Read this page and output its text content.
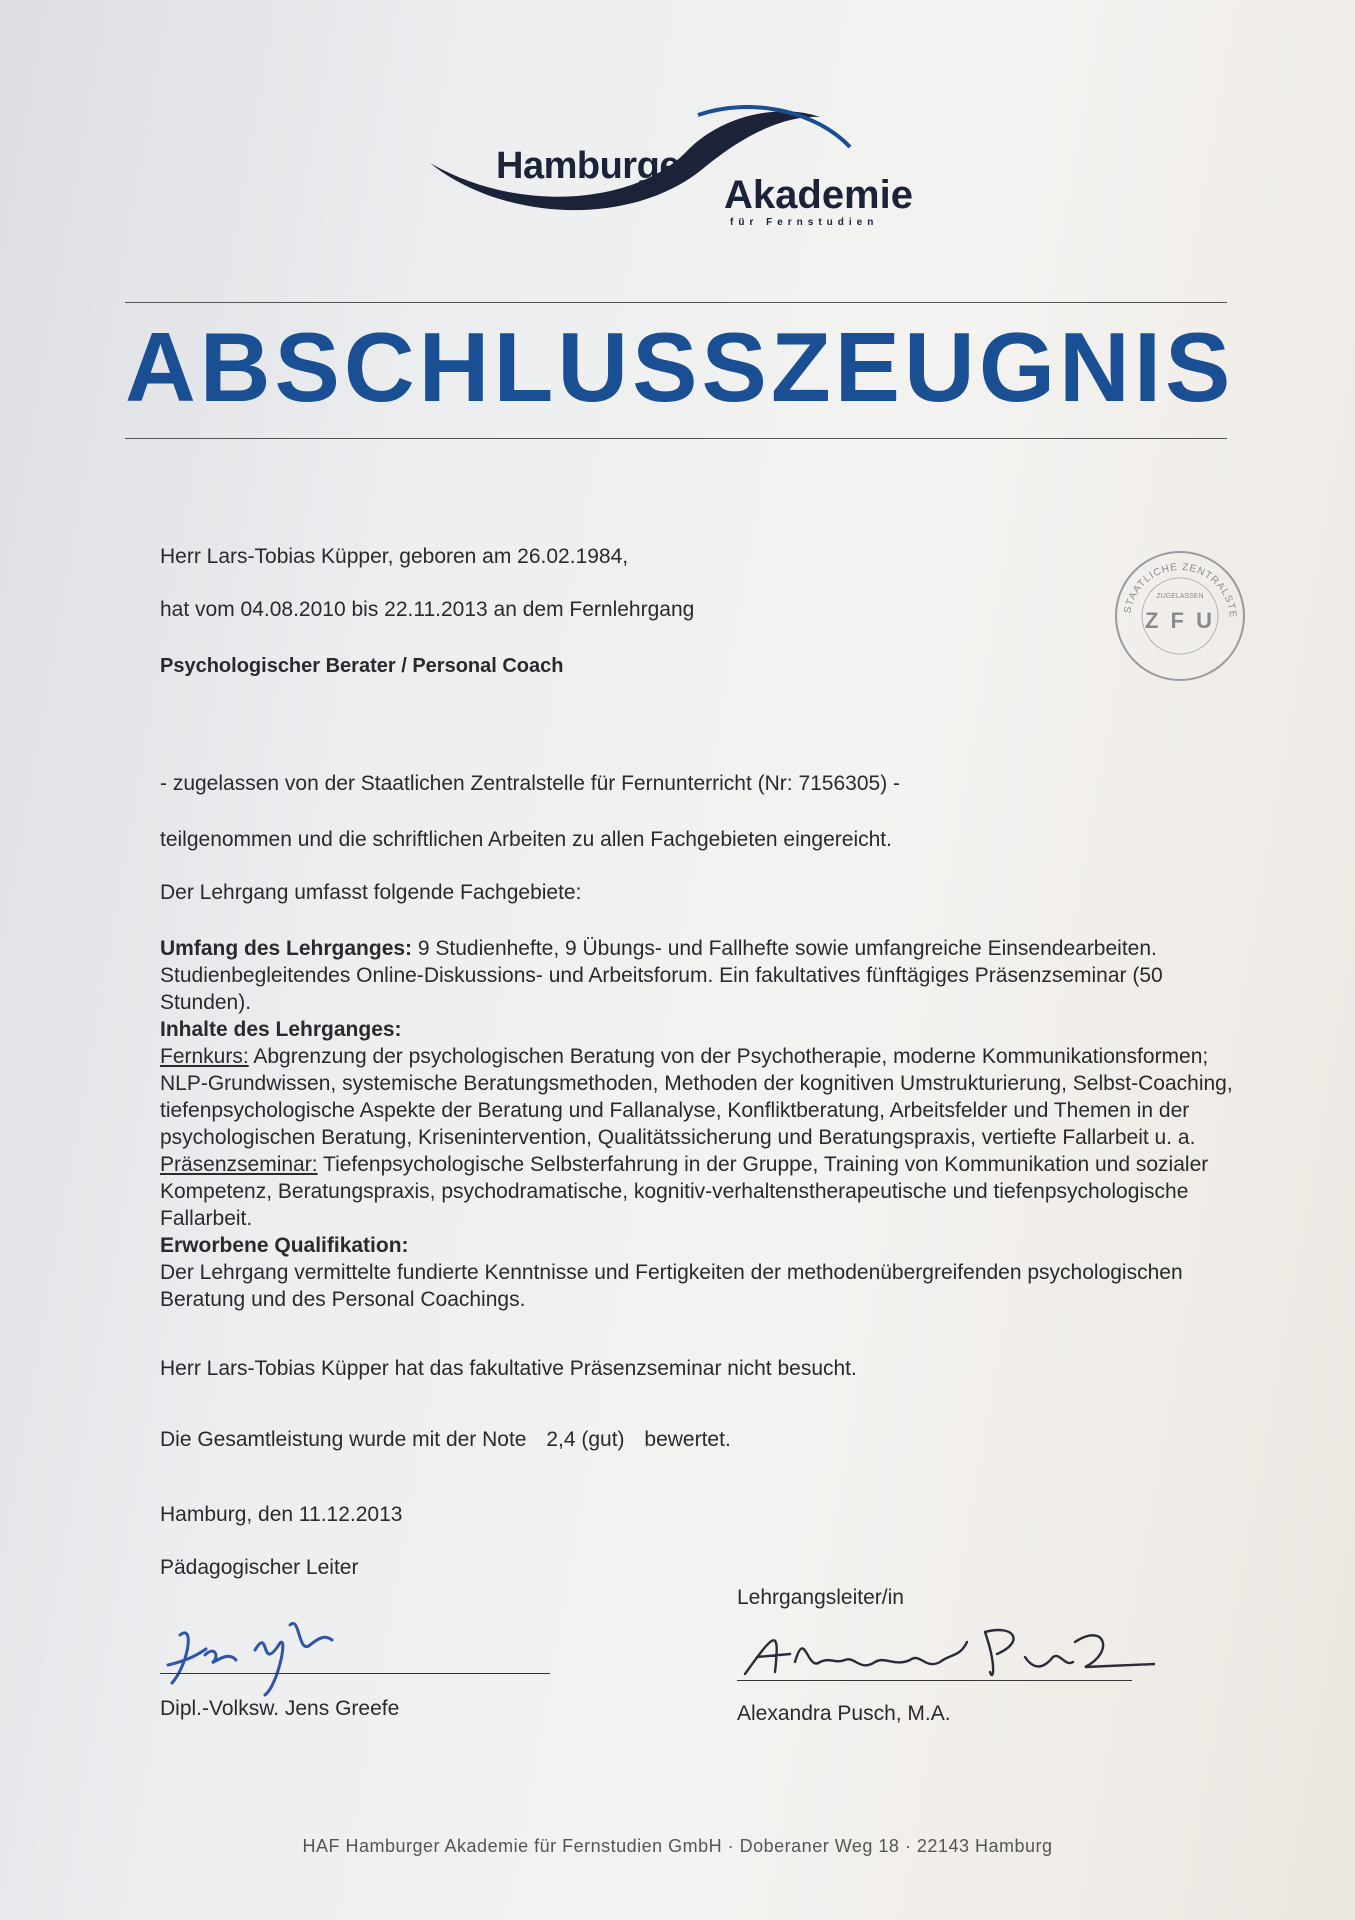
Hamburger
Akademie
für Fernstudien
ABSCHLUSSZEUGNIS
STAATLICHE ZENTRALSTE
ZUGELASSEN
Z F U
Herr Lars-Tobias Küpper, geboren am 26.02.1984,
hat vom 04.08.2010 bis 22.11.2013 an dem Fernlehrgang
Psychologischer Berater / Personal Coach
- zugelassen von der Staatlichen Zentralstelle für Fernunterricht (Nr: 7156305) -
teilgenommen und die schriftlichen Arbeiten zu allen Fachgebieten eingereicht.
Der Lehrgang umfasst folgende Fachgebiete:
Umfang des Lehrganges: 9 Studienhefte, 9 Übungs- und Fallhefte sowie umfangreiche Einsendearbeiten. Studienbegleitendes Online-Diskussions- und Arbeitsforum. Ein fakultatives fünftägiges Präsenzseminar (50 Stunden).
Inhalte des Lehrganges:
Fernkurs: Abgrenzung der psychologischen Beratung von der Psychotherapie, moderne Kommunikationsformen; NLP-Grundwissen, systemische Beratungsmethoden, Methoden der kognitiven Umstrukturierung, Selbst-Coaching, tiefenpsychologische Aspekte der Beratung und Fallanalyse, Konfliktberatung, Arbeitsfelder und Themen in der psychologischen Beratung, Krisenintervention, Qualitätssicherung und Beratungspraxis, vertiefte Fallarbeit u. a.
Präsenzseminar: Tiefenpsychologische Selbsterfahrung in der Gruppe, Training von Kommunikation und sozialer Kompetenz, Beratungspraxis, psychodramatische, kognitiv-verhaltenstherapeutische und tiefenpsychologische Fallarbeit.
Erworbene Qualifikation:
Der Lehrgang vermittelte fundierte Kenntnisse und Fertigkeiten der methodenübergreifenden psychologischen Beratung und des Personal Coachings.
Herr Lars-Tobias Küpper hat das fakultative Präsenzseminar nicht besucht.
Die Gesamtleistung wurde mit der Note 2,4 (gut) bewertet.
Hamburg, den 11.12.2013
Pädagogischer Leiter
Dipl.-Volksw. Jens Greefe
Lehrgangsleiter/in
Alexandra Pusch, M.A.
HAF Hamburger Akademie für Fernstudien GmbH · Doberaner Weg 18 · 22143 Hamburg
